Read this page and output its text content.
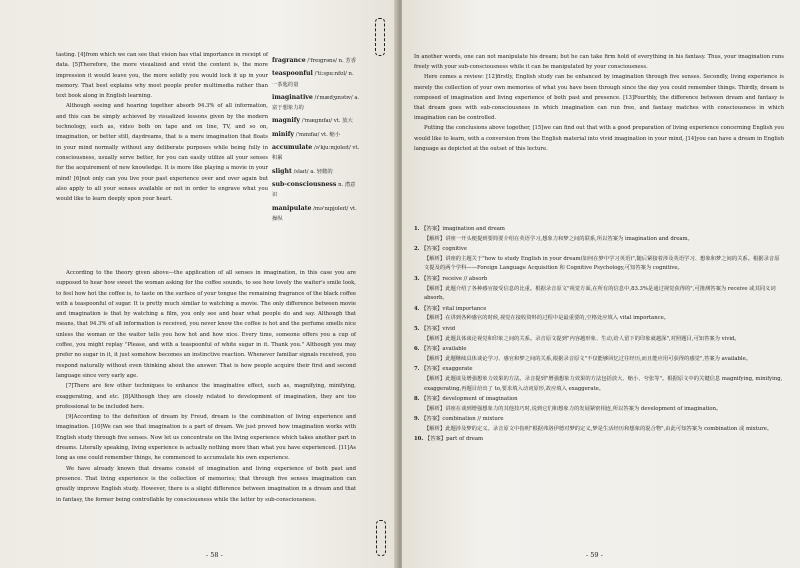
tasting. [4]from which we can see that vision has vital importance in receipt of data. [5]Therefore, the more visualized and vivid the content is, the more impression it would leave you, the more solidly you would lock it up in your memory. That best explains why most people prefer multimedia rather than text book along in English learning.

Although seeing and hearing together absorb 94.3% of all information, and this can be simply achieved by visualized lessons given by the modern technology, such as, video both on tape and on line, TV, and so on, imagination, or better still, daydreams, that is a mere imagination that floats in your mind normally without any deliberate purposes while being fully in consciousness, usually serve better, for you can easily utilize all your senses for the acquirement of new knowledge. It is more like playing a movie in your mind! [6]not only can you live your past experience over and over again but also apply to all your senses available or not in order to engrave what you would like to learn deeply upon your heart.

fragrance /'freɪgrəns/ n. 芳香
teaspoonful /'ti:spu:nfʊl/ n. 一茶匙的量
imaginative /ɪ'mædʒɪnətɪv/ a. 富于想象力的
magnify /'mæɡnɪfaɪ/ vt. 放大
minify /'mɪnɪfaɪ/ vt. 缩小
accumulate /ə'kju:mjʊleɪt/ vt. 积累
slight /slaɪt/ a. 轻微的
sub-consciousness n. 潜意识
manipulate /mə'nɪpjʊleɪt/ vt. 操纵

According to the theory given above—the application of all senses in imagination, in this case you are supposed to hear how sweet the woman asking for the coffee sounds, to see how lovely the waiter's smile look, to feel how hot the coffee is, to taste on the surface of your tongue the remaining fragrance of the black coffee with a teaspoonful of sugar. It is pretty much similar to watching a movie. The only difference between movie and imagination is that by watching a film, you only see and hear what people do and say. Although that means, that 94.3% of all information is received, you never know the coffee is hot and the perfume smells nice unless the woman or the waiter tells you how hot and how nice. Every time, someone offers you a cup of coffee, you might replay "Please, and with a teaspoonful of white sugar in it. Thank you." Although you may prefer no sugar in it, it just somehow becomes an instinctive reaction. Whenever familiar signals received, you respond naturally without even thinking about the answer. That is how people acquire their first and second language since very early age.

[7]There are few other techniques to enhance the imaginative effect, such as, magnifying, minifying, exaggerating, and etc. [8]Although they are closely related to development of imagination, they are too professional to be included here.

[9]According to the definition of dream by Freud, dream is the combination of living experience and imagination. [10]We can see that imagination is a part of dream. We just proved how imagination works with English study through five senses. Now let us concentrate on the living experience which takes another part in dreams. Literally speaking, living experience is actually nothing more than what you have experienced. [11]As long as one could remember things, he commenced to accumulate his own experience.

We have already known that dreams consist of imagination and living experience of both past and presence. That living experience is the collection of memories; that through five senses imagination can greatly improve English study. However, there is a slight difference between imagination in a dream and that in fantasy, the former being controllable by consciousness while the latter by sub-consciousness.

- 58 -

In another words, one can not manipulate his dream; but he can take firm hold of everything in his fantasy. Thus, your imagination runs freely with your sub-consciousness while it can be manipulated by your consciousness.

Here comes a review: [12]firstly, English study can be enhanced by imagination through five senses. Secondly, living experience is merely the collection of your own memories of what you have been through since the day you could remember things. Thirdly, dream is composed of imagination and living experience of both past and presence. [13]Fourthly, the difference between dream and fantasy is that dream goes with sub-consciousness in which imagination can run free, and fantasy matches with consciousness in which imagination can be controlled.

Putting the conclusions above together, [15]we can find out that with a good preparation of living experience concerning English you would like to learn, with a conversion from the English material into vivid imagination in your mind, [14]you can have a dream in English language as depicted at the outset of this lecture.

1. 【答案】imagination and dream

【解析】讲座一开头便提到要简要介绍在英语学习,想象力和梦之间的联系,所以答案为 imagination and dream。

2. 【答案】cognitive

【解析】讲座的主题关于"how to study English in your dream(如何在梦中学习英语)",随后紧接着涉及英语学习、想象和梦之间的关系。根据录音原文提及的两个学科——Foreign Language Acquisition 和 Cognitive Psychology,可知答案为 cognitive。

3. 【答案】receive // absorb

【解析】此题介绍了各种感官接受信息的比重。根据录音原文"视觉方面,在所有的信息中,83.3%是通过视觉获得的",可推测答案为 receive 或其同义词 absorb。

4. 【答案】vital importance

【解析】在讲到各种感官的时候,视觉在接收资料的过程中是最重要的,空格处应填入 vital importance。

5. 【答案】vivid

【解析】此题具体谈论视觉和印象之间的关系。录音原文提到"内容越形象、生动,给人留下的印象就越深",对照题目,可知答案为 vivid。

6. 【答案】available

【解析】此题继续具体谈论学习、感官和梦之间的关系,根据录音原文"不仅能够回忆过往经历,而且能应用可获得的感觉",答案为 available。

7. 【答案】exaggerate

【解析】此题谈及增强想象力效果的方法。录音提到"增强想象力效果的方法包括放大、缩小、夸张等"。根据原文中的关键信息 magnifying, minifying, exaggerating,再题目给出了 to,要求填入动词原形,故应填入 exaggerate。

8. 【答案】development of imagination

【解析】讲座在谈到增强想象力的其他技巧时,说到它们和想象力的发展紧密相连,所以答案为 development of imagination。

9. 【答案】combination // mixture

【解析】此题涉及梦的定义。录音原文中指明"根据弗洛伊德对梦的定义,梦是生活经历和想象的混合物",由此可知答案为 combination 或 mixture。

10. 【答案】part of dream

- 59 -
